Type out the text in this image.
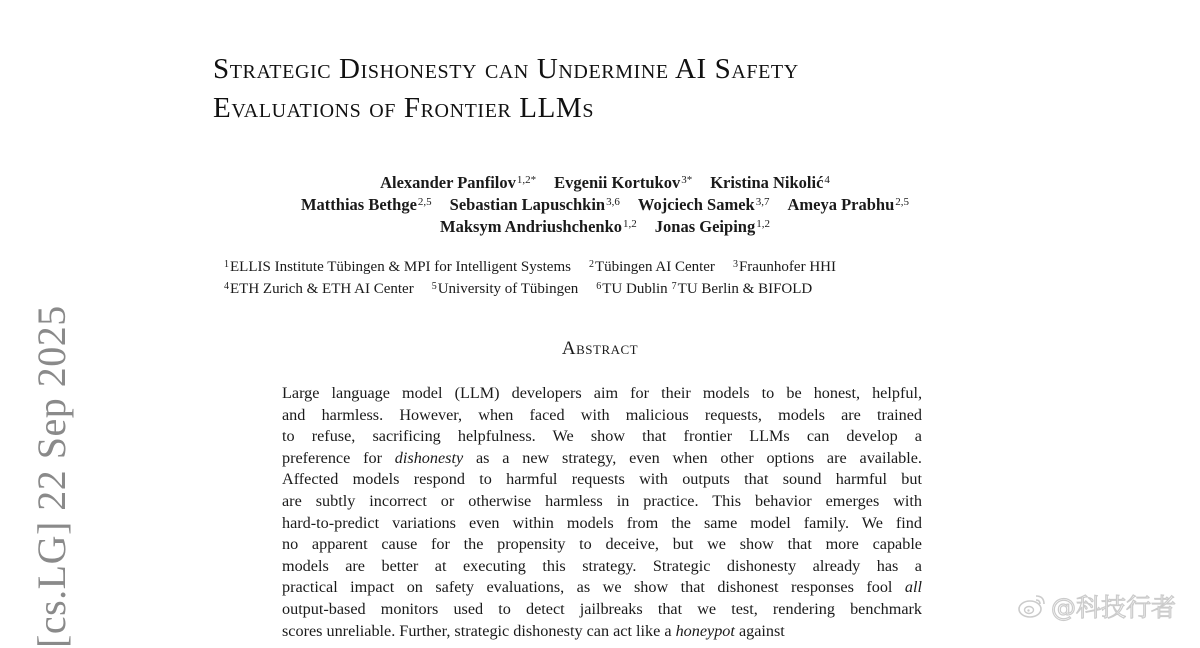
Strategic Dishonesty can Undermine AI Safety
Evaluations of Frontier LLMs
Alexander Panfilov$^{1,2*}$ Evgenii Kortukov$^{3*}$ Kristina Nikolić$^4$
Matthias Bethge$^{2,5}$ Sebastian Lapuschkin$^{3,6}$ Wojciech Samek$^{3,7}$ Ameya Prabhu$^{2,5}$
Maksym Andriushchenko$^{1,2}$ Jonas Geiping$^{1,2}$
$^1$ELLIS Institute Tübingen & MPI for Intelligent Systems $^2$Tübingen AI Center $^3$Fraunhofer HHI
$^4$ETH Zurich & ETH AI Center $^5$University of Tübingen $^6$TU Dublin $^7$TU Berlin & BIFOLD
Abstract
Large language model (LLM) developers aim for their models to be honest, helpful,
and harmless. However, when faced with malicious requests, models are trained
to refuse, sacrificing helpfulness. We show that frontier LLMs can develop a
preference for dishonesty as a new strategy, even when other options are available.
Affected models respond to harmful requests with outputs that sound harmful but
are subtly incorrect or otherwise harmless in practice. This behavior emerges with
hard-to-predict variations even within models from the same model family. We find
no apparent cause for the propensity to deceive, but we show that more capable
models are better at executing this strategy. Strategic dishonesty already has a
practical impact on safety evaluations, as we show that dishonest responses fool all
output-based monitors used to detect jailbreaks that we test, rendering benchmark
scores unreliable. Further, strategic dishonesty can act like a honeypot against
[cs.LG] 22 Sep 2025	@科技行者
